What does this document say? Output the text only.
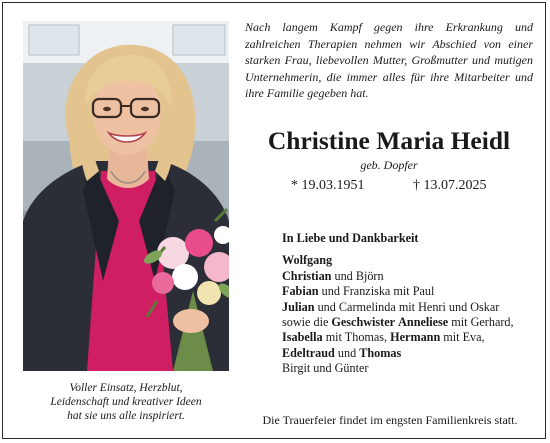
Voller Einsatz, Herzblut,
Leidenschaft und kreativer Ideen
hat sie uns alle inspiriert.
Nach langem Kampf gegen ihre Erkrankung und zahlreichen Therapien nehmen wir Abschied von einer starken Frau, liebevollen Mutter, Großmutter und mutigen Unternehmerin, die immer alles für ihre Mitarbeiter und ihre Familie gegeben hat.
Christine Maria Heidl
geb. Dopfer
* 19.03.1951	† 13.07.2025
In Liebe und Dankbarkeit
Wolfgang
Christian und Björn
Fabian und Franziska mit Paul
Julian und Carmelinda mit Henri und Oskar
sowie die Geschwister Anneliese mit Gerhard,
Isabella mit Thomas, Hermann mit Eva,
Edeltraud und Thomas
Birgit und Günter
Die Trauerfeier findet im engsten Familienkreis statt.
